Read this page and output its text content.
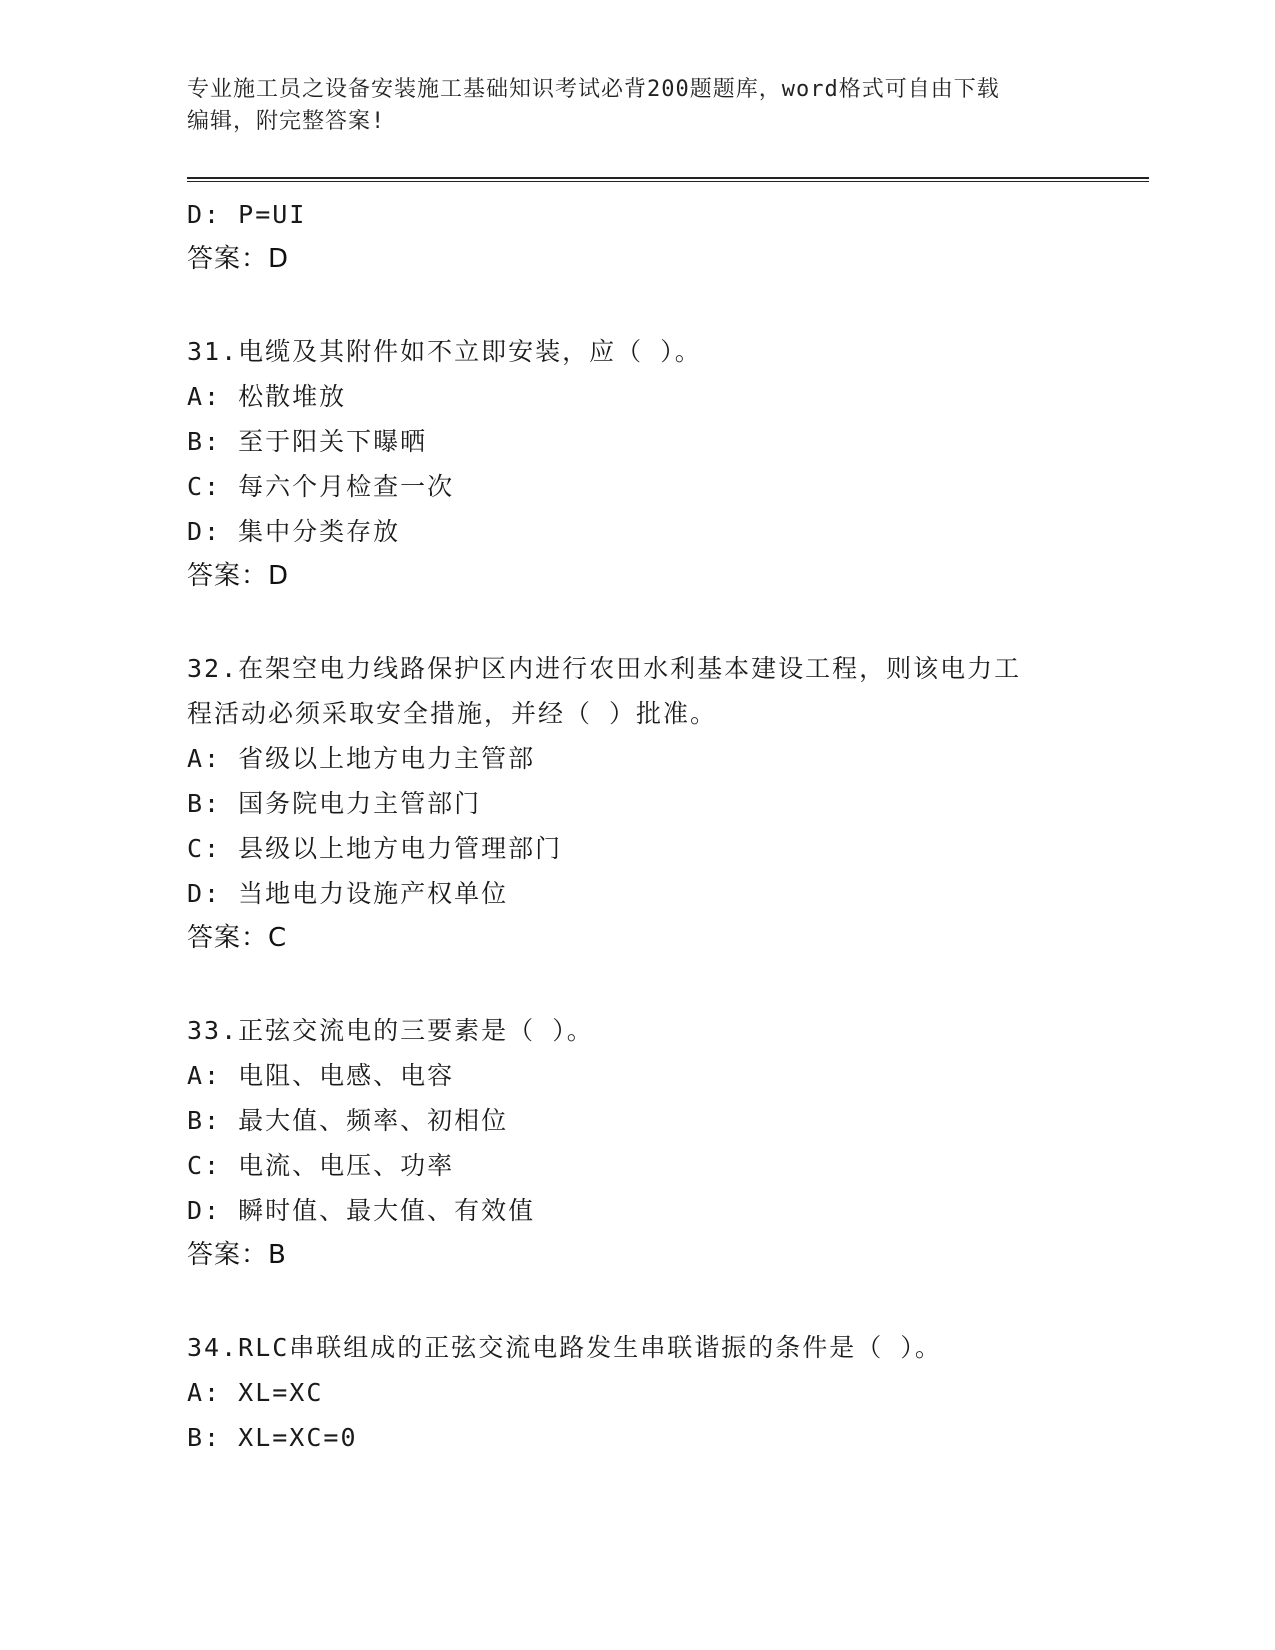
专业施工员之设备安装施工基础知识考试必背200题题库，word格式可自由下载
编辑，附完整答案!
D: P=UI
答案：D
31.电缆及其附件如不立即安装，应（ ）。
A: 松散堆放
B: 至于阳关下曝晒
C: 每六个月检查一次
D: 集中分类存放
答案：D
32.在架空电力线路保护区内进行农田水利基本建设工程，则该电力工
程活动必须采取安全措施，并经（ ）批准。
A: 省级以上地方电力主管部
B: 国务院电力主管部门
C: 县级以上地方电力管理部门
D: 当地电力设施产权单位
答案：C
33.正弦交流电的三要素是（ ）。
A: 电阻、电感、电容
B: 最大值、频率、初相位
C: 电流、电压、功率
D: 瞬时值、最大值、有效值
答案：B
34.RLC串联组成的正弦交流电路发生串联谐振的条件是（ ）。
A: XL=XC
B: XL=XC=0
